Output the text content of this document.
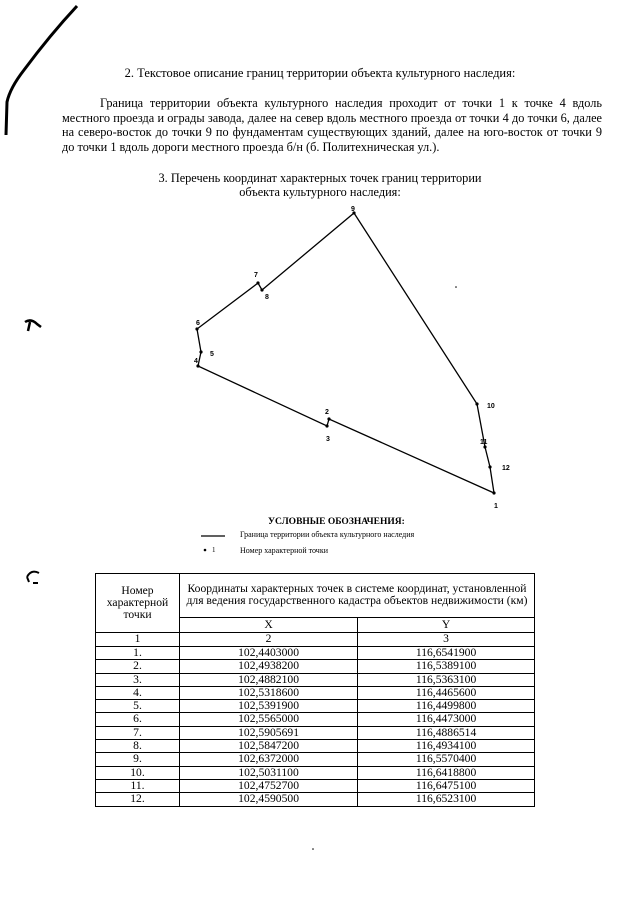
2. Текстовое описание границ территории объекта культурного наследия:
Граница территории объекта культурного наследия проходит от точки 1 к точке 4 вдоль местного проезда и ограды завода, далее на север вдоль местного проезда от точки 4 до точки 6, далее на северо-восток до точки 9 по фундаментам существующих зданий, далее на юго-восток от точки 9 до точки 1 вдоль дороги местного проезда б/н (б. Политехническая ул.).
3. Перечень координат характерных точек границ территории
объекта культурного наследия:
1
2
3
4
5
6
7
8
9
10
11
12
УСЛОВНЫЕ ОБОЗНАЧЕНИЯ:
Граница территории объекта культурного наследия
1	Номер характерной точки
Номер характерной точки	Координаты характерных точек в системе координат, установленной для ведения государственного кадастра объектов недвижимости (км)	
	X	Y
1	2	3
1.	102,4403000	116,6541900
2.	102,4938200	116,5389100
3.	102,4882100	116,5363100
4.	102,5318600	116,4465600
5.	102,5391900	116,4499800
6.	102,5565000	116,4473000
7.	102,5905691	116,4886514
8.	102,5847200	116,4934100
9.	102,6372000	116,5570400
10.	102,5031100	116,6418800
11.	102,4752700	116,6475100
12.	102,4590500	116,6523100
